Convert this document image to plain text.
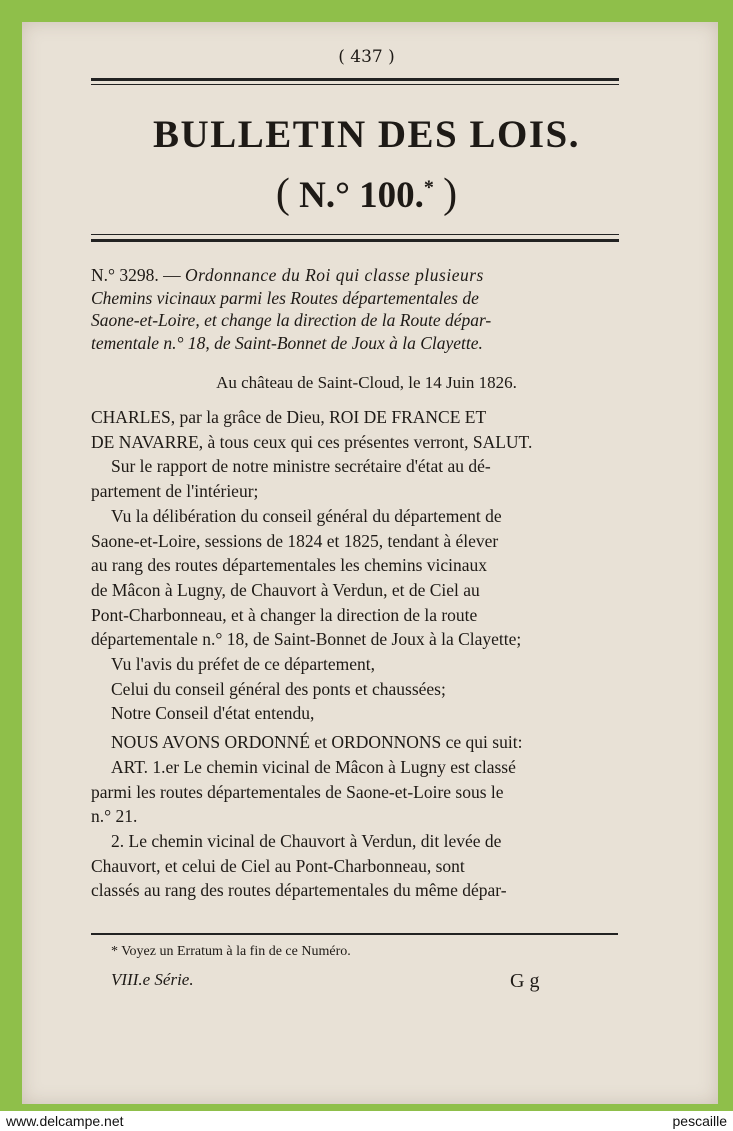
( 437 )
BULLETIN DES LOIS.
( N.° 100.* )
N.° 3298. — Ordonnance du Roi qui classe plusieurs
Chemins vicinaux parmi les Routes départementales de
Saone-et-Loire, et change la direction de la Route dépar-
tementale n.° 18, de Saint-Bonnet de Joux à la Clayette.
Au château de Saint-Cloud, le 14 Juin 1826.

CHARLES, par la grâce de Dieu, ROI DE FRANCE ET

DE NAVARRE, à tous ceux qui ces présentes verront, SALUT.

Sur le rapport de notre ministre secrétaire d'état au dé-

partement de l'intérieur;

Vu la délibération du conseil général du département de

Saone-et-Loire, sessions de 1824 et 1825, tendant à élever

au rang des routes départementales les chemins vicinaux

de Mâcon à Lugny, de Chauvort à Verdun, et de Ciel au

Pont-Charbonneau, et à changer la direction de la route

départementale n.° 18, de Saint-Bonnet de Joux à la Clayette;

Vu l'avis du préfet de ce département,

Celui du conseil général des ponts et chaussées;

Notre Conseil d'état entendu,

NOUS AVONS ORDONNÉ et ORDONNONS ce qui suit:

ART. 1.er Le chemin vicinal de Mâcon à Lugny est classé

parmi les routes départementales de Saone-et-Loire sous le

n.° 21.

2. Le chemin vicinal de Chauvort à Verdun, dit levée de

Chauvort, et celui de Ciel au Pont-Charbonneau, sont

classés au rang des routes départementales du même dépar-

* Voyez un Erratum à la fin de ce Numéro.
VIII.e Série.	G g
www.delcampe.net	pescaille
